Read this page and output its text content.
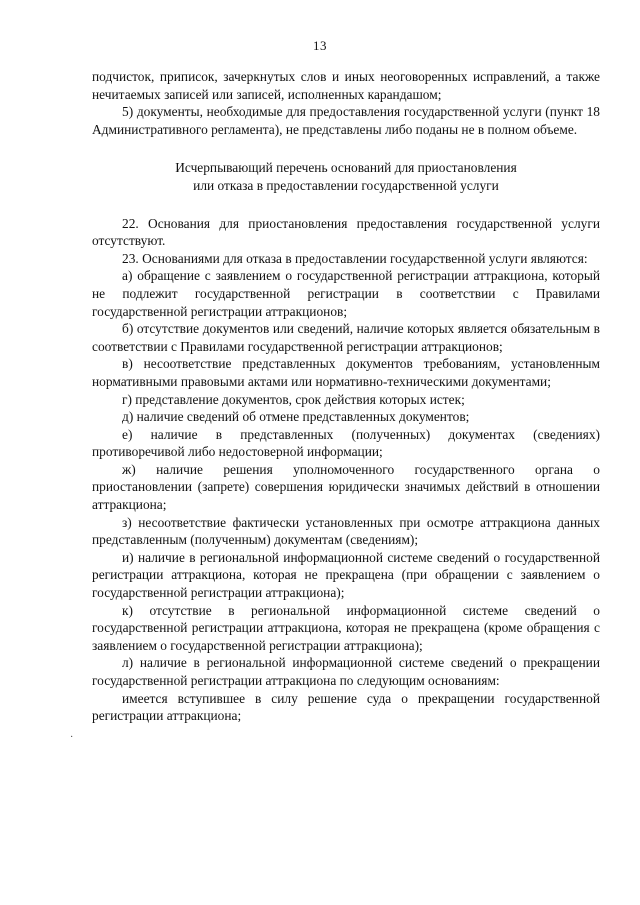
13
·

подчисток, приписок, зачеркнутых слов и иных неоговоренных исправлений, а также нечитаемых записей или записей, исполненных карандашом;

5) документы, необходимые для предоставления государственной услуги (пункт 18 Административного регламента), не представлены либо поданы не в полном объеме.

Исчерпывающий перечень оснований для приостановления

или отказа в предоставлении государственной услуги

22. Основания для приостановления предоставления государственной услуги отсутствуют.

23. Основаниями для отказа в предоставлении государственной услуги являются:

а) обращение с заявлением о государственной регистрации аттракциона, который не подлежит государственной регистрации в соответствии с Правилами государственной регистрации аттракционов;

б) отсутствие документов или сведений, наличие которых является обязательным в соответствии с Правилами государственной регистрации аттракционов;

в) несоответствие представленных документов требованиям, установленным нормативными правовыми актами или нормативно-техническими документами;

г) представление документов, срок действия которых истек;

д) наличие сведений об отмене представленных документов;

е) наличие в представленных (полученных) документах (сведениях) противоречивой либо недостоверной информации;

ж) наличие решения уполномоченного государственного органа о приостановлении (запрете) совершения юридически значимых действий в отношении аттракциона;

з) несоответствие фактически установленных при осмотре аттракциона данных представленным (полученным) документам (сведениям);

и) наличие в региональной информационной системе сведений о государственной регистрации аттракциона, которая не прекращена (при обращении с заявлением о государственной регистрации аттракциона);

к) отсутствие в региональной информационной системе сведений о государственной регистрации аттракциона, которая не прекращена (кроме обращения с заявлением о государственной регистрации аттракциона);

л) наличие в региональной информационной системе сведений о прекращении государственной регистрации аттракциона по следующим основаниям:

имеется вступившее в силу решение суда о прекращении государственной регистрации аттракциона;
